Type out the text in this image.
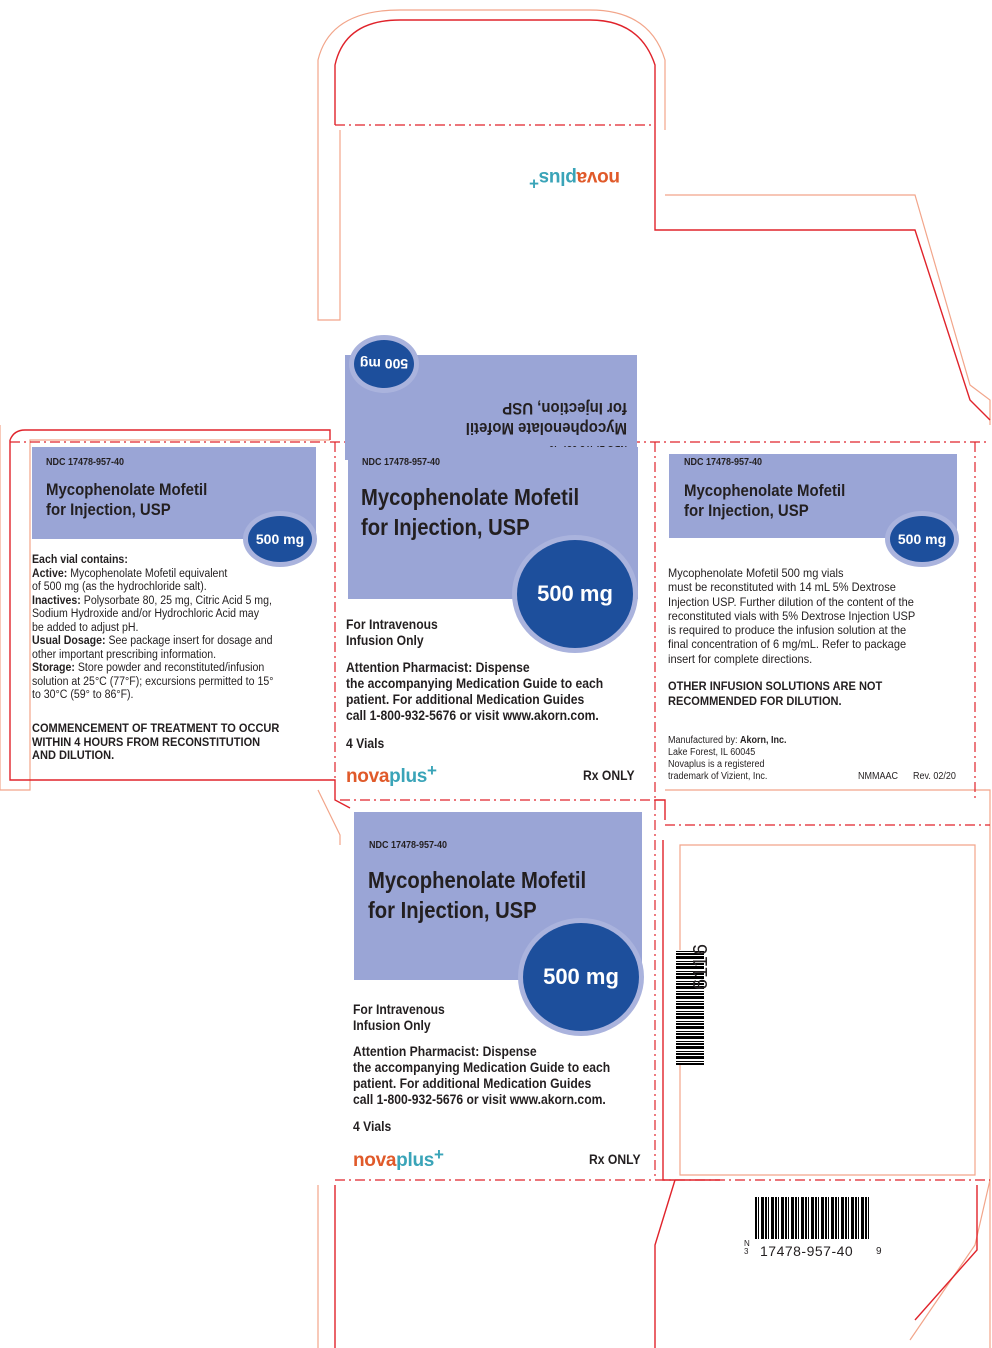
novaplus+
Mycophenolate Mofetil
for Injection, USP
500 mg
NDC 17478-957-40
Mycophenolate Mofetil
for Injection, USP
500 mg
Each vial contains:
Active: Mycophenolate Mofetil equivalent
of 500 mg (as the hydrochloride salt).
Inactives: Polysorbate 80, 25 mg, Citric Acid 5 mg,
Sodium Hydroxide and/or Hydrochloric Acid may
be added to adjust pH.
Usual Dosage: See package insert for dosage and
other important prescribing information.
Storage: Store powder and reconstituted/infusion
solution at 25°C (77°F); excursions permitted to 15°
to 30°C (59° to 86°F).
COMMENCEMENT OF TREATMENT TO OCCUR
WITHIN 4 HOURS FROM RECONSTITUTION
AND DILUTION.
NDC 17478-957-40
Mycophenolate Mofetil
for Injection, USP
500 mg
For Intravenous
Infusion Only
Attention Pharmacist: Dispense
the accompanying Medication Guide to each
patient. For additional Medication Guides
call 1-800-932-5676 or visit www.akorn.com.
4 Vials
novaplus+	Rx ONLY
NDC 17478-957-40
Mycophenolate Mofetil
for Injection, USP
500 mg
Mycophenolate Mofetil 500 mg vials
must be reconstituted with 14 mL 5% Dextrose
Injection USP. Further dilution of the content of the
reconstituted vials with 5% Dextrose Injection USP
is required to produce the infusion solution at the
final concentration of 6 mg/mL. Refer to package
insert for complete directions.
OTHER INFUSION SOLUTIONS ARE NOT
RECOMMENDED FOR DILUTION.
Manufactured by: Akorn, Inc.
Lake Forest, IL 60045
Novaplus is a registered
trademark of Vizient, Inc.	NMMAAC Rev. 02/20
NDC 17478-957-40
Mycophenolate Mofetil
for Injection, USP
500 mg
For Intravenous
Infusion Only
Attention Pharmacist: Dispense
the accompanying Medication Guide to each
patient. For additional Medication Guides
call 1-800-932-5676 or visit www.akorn.com.
4 Vials
novaplus+	Rx ONLY
6116
N
3 17478-957-40 9
